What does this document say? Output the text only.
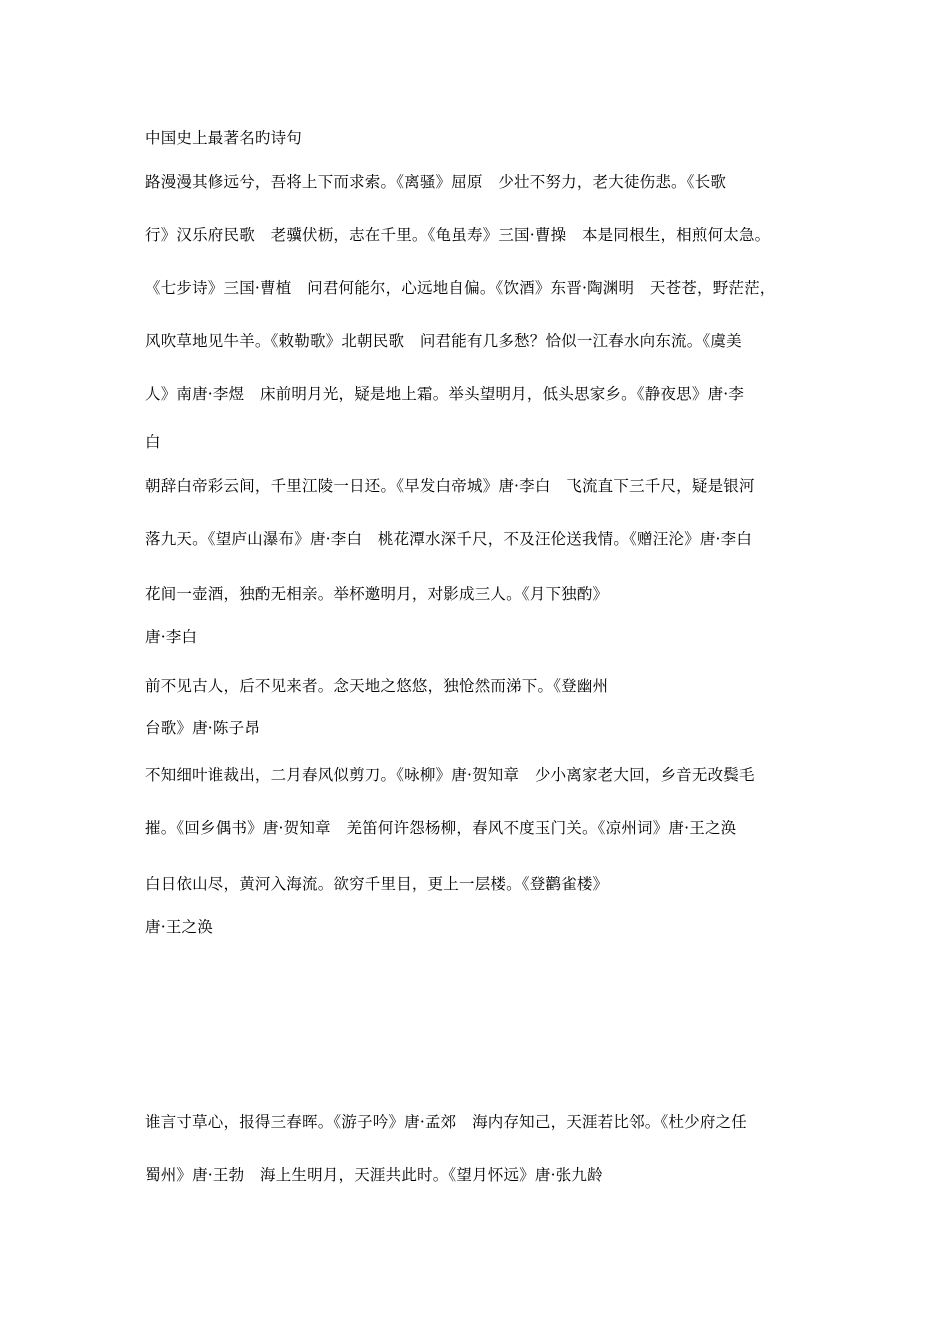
中国史上最著名旳诗句
路漫漫其修远兮，吾将上下而求索。《离骚》屈原　少壮不努力，老大徒伤悲。《长歌
行》汉乐府民歌　老骥伏枥，志在千里。《龟虽寿》三国·曹操　本是同根生，相煎何太急。
《七步诗》三国·曹植　问君何能尔，心远地自偏。《饮酒》东晋·陶渊明　天苍苍，野茫茫，
风吹草地见牛羊。《敕勒歌》北朝民歌　问君能有几多愁？恰似一江春水向东流。《虞美
人》南唐·李煜　床前明月光，疑是地上霜。举头望明月，低头思家乡。《静夜思》唐·李
白
朝辞白帝彩云间，千里江陵一日还。《早发白帝城》唐·李白　飞流直下三千尺，疑是银河
落九天。《望庐山瀑布》唐·李白　桃花潭水深千尺，不及汪伦送我情。《赠汪沦》唐·李白
花间一壶酒，独酌无相亲。举杯邀明月，对影成三人。《月下独酌》
唐·李白
前不见古人，后不见来者。念天地之悠悠，独怆然而涕下。《登幽州
台歌》唐·陈子昂
不知细叶谁裁出，二月春风似剪刀。《咏柳》唐·贺知章　少小离家老大回，乡音无改鬓毛
摧。《回乡偶书》唐·贺知章　羌笛何许怨杨柳，春风不度玉门关。《凉州词》唐·王之涣
白日依山尽，黄河入海流。欲穷千里目，更上一层楼。《登鹳雀楼》
唐·王之涣
谁言寸草心，报得三春晖。《游子吟》唐·孟郊　海内存知己，天涯若比邻。《杜少府之任
蜀州》唐·王勃　海上生明月，天涯共此时。《望月怀远》唐·张九龄
